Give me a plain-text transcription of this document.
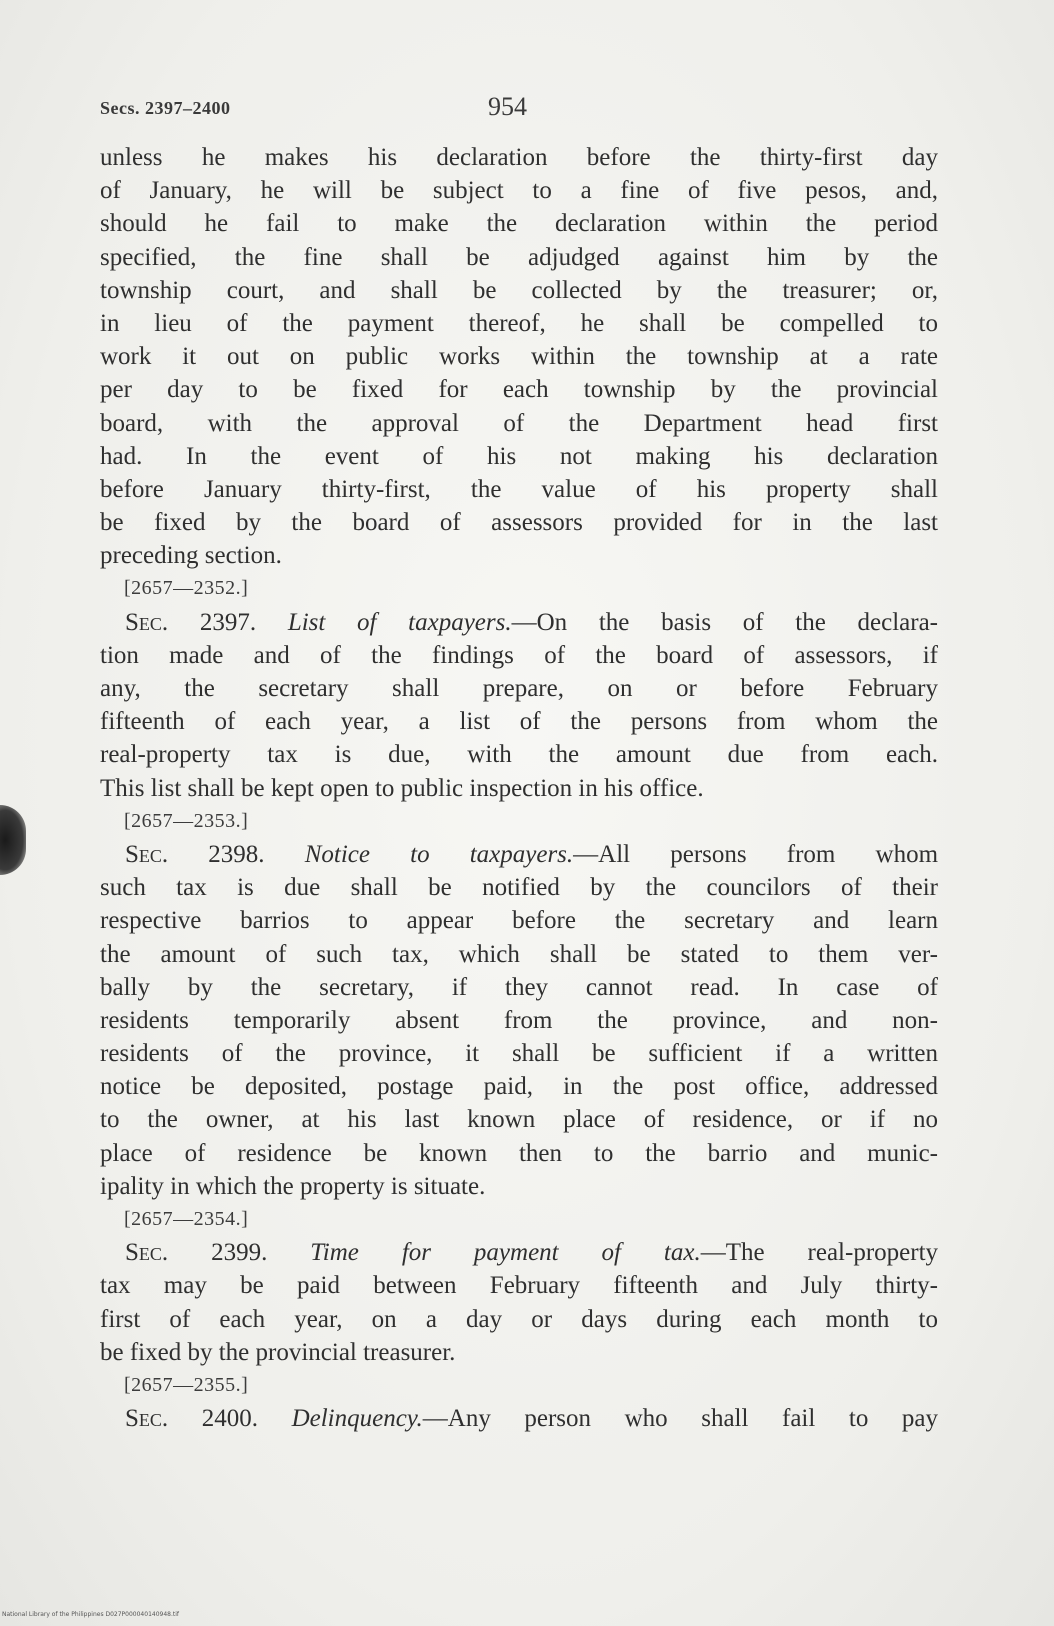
Secs. 2397–2400	954
unless he makes his declaration before the thirty-first day
of January, he will be subject to a fine of five pesos, and,
should he fail to make the declaration within the period
specified, the fine shall be adjudged against him by the
township court, and shall be collected by the treasurer; or,
in lieu of the payment thereof, he shall be compelled to
work it out on public works within the township at a rate
per day to be fixed for each township by the provincial
board, with the approval of the Department head first
had. In the event of his not making his declaration
before January thirty-first, the value of his property shall
be fixed by the board of assessors provided for in the last
preceding section.
[2657—2352.]
 Sec. 2397. List of taxpayers.—On the basis of the declara-
tion made and of the findings of the board of assessors, if
any, the secretary shall prepare, on or before February
fifteenth of each year, a list of the persons from whom the
real-property tax is due, with the amount due from each.
This list shall be kept open to public inspection in his office.
[2657—2353.]
 Sec. 2398. Notice to taxpayers.—All persons from whom
such tax is due shall be notified by the councilors of their
respective barrios to appear before the secretary and learn
the amount of such tax, which shall be stated to them ver-
bally by the secretary, if they cannot read. In case of
residents temporarily absent from the province, and non-
residents of the province, it shall be sufficient if a written
notice be deposited, postage paid, in the post office, addressed
to the owner, at his last known place of residence, or if no
place of residence be known then to the barrio and munic-
ipality in which the property is situate.
[2657—2354.]
 Sec. 2399. Time for payment of tax.—The real-property
tax may be paid between February fifteenth and July thirty-
first of each year, on a day or days during each month to
be fixed by the provincial treasurer.
[2657—2355.]
 Sec. 2400. Delinquency.—Any person who shall fail to pay
National Library of the Philippines D027P000040140948.tif
